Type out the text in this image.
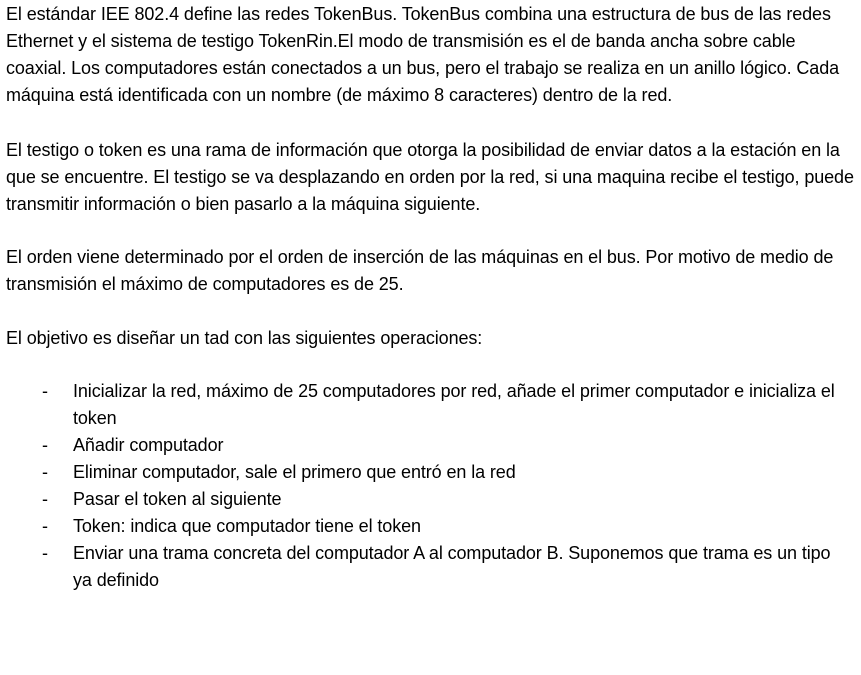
El estándar IEE 802.4 define las redes TokenBus. TokenBus combina una estructura de bus de las redes Ethernet y el sistema de testigo TokenRin.El modo de transmisión es el de banda ancha sobre cable coaxial. Los computadores están conectados a un bus, pero el trabajo se realiza en un anillo lógico. Cada máquina está identificada con un nombre (de máximo 8 caracteres) dentro de la red.

El testigo o token es una rama de información que otorga la posibilidad de enviar datos a la estación en la que se encuentre. El testigo se va desplazando en orden por la red, si una maquina recibe el testigo, puede transmitir información o bien pasarlo a la máquina siguiente.

El orden viene determinado por el orden de inserción de las máquinas en el bus. Por motivo de medio de transmisión el máximo de computadores es de 25.

El objetivo es diseñar un tad con las siguientes operaciones:

- Inicializar la red, máximo de 25 computadores por red, añade el primer computador e inicializa el token
- Añadir computador
- Eliminar computador, sale el primero que entró en la red
- Pasar el token al siguiente
- Token: indica que computador tiene el token
- Enviar una trama concreta del computador A al computador B. Suponemos que trama es un tipo ya definido
